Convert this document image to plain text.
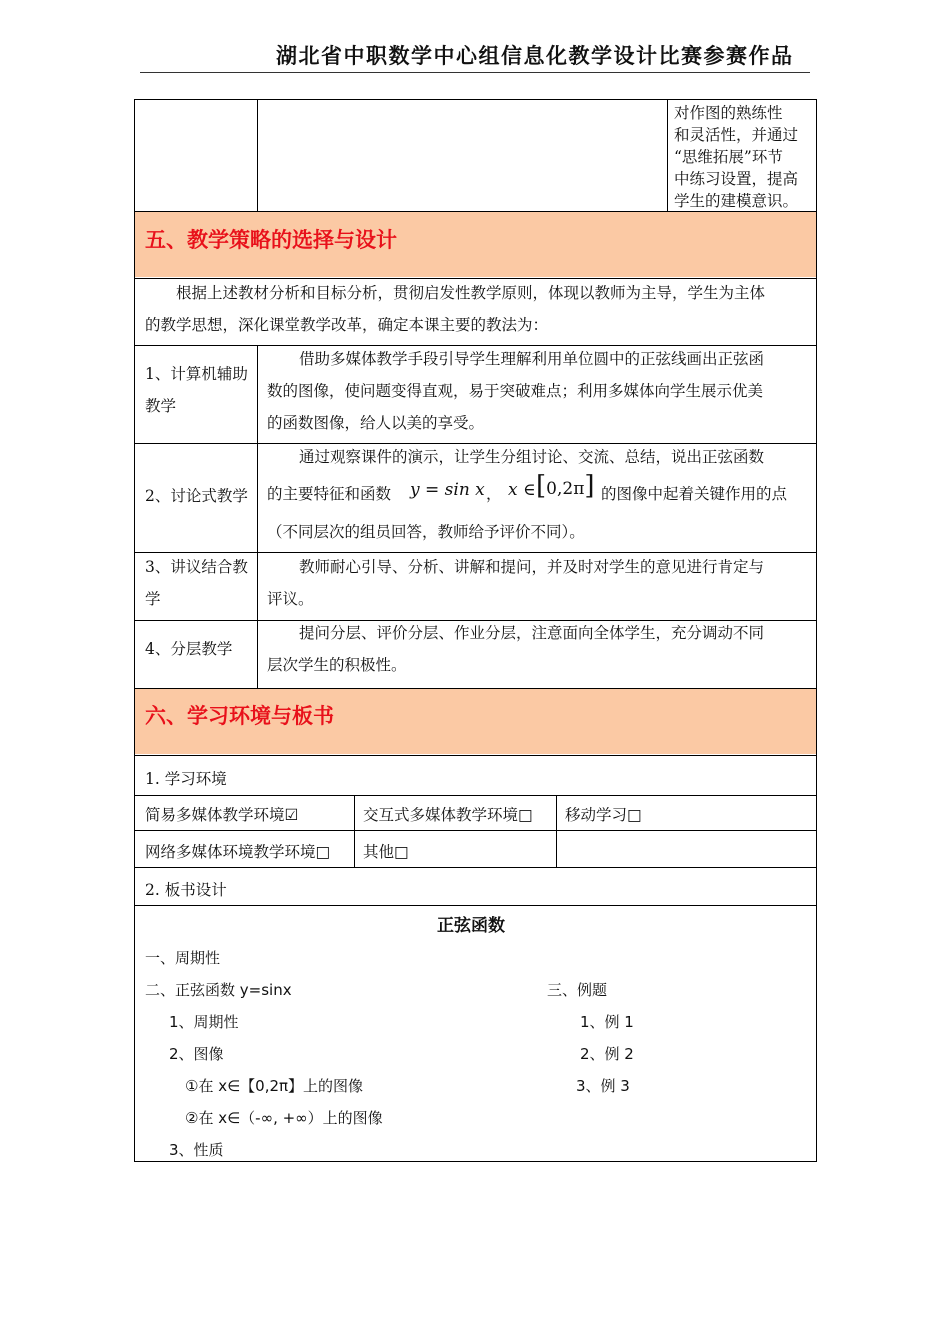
湖北省中职数学中心组信息化教学设计比赛参赛作品
对作图的熟练性
和灵活性，并通过
“思维拓展”环节
中练习设置，提高
学生的建模意识。
五、教学策略的选择与设计
根据上述教材分析和目标分析，贯彻启发性教学原则，体现以教师为主导，学生为主体
的教学思想，深化课堂教学改革，确定本课主要的教法为：
1、计算机辅助
教学
借助多媒体教学手段引导学生理解利用单位圆中的正弦线画出正弦函
数的图像，使问题变得直观，易于突破难点；利用多媒体向学生展示优美
的函数图像，给人以美的享受。
2、讨论式教学
通过观察课件的演示，让学生分组讨论、交流、总结，说出正弦函数
的主要特征和函数 y = sin x ， x ∈ [0,2π] 的图像中起着关键作用的点
（不同层次的组员回答，教师给予评价不同）。
3、讲议结合教
学
教师耐心引导、分析、讲解和提问，并及时对学生的意见进行肯定与
评议。
4、分层教学
提问分层、评价分层、作业分层，注意面向全体学生，充分调动不同
层次学生的积极性。
六、学习环境与板书
1. 学习环境
简易多媒体教学环境☑	交互式多媒体教学环境□ 移动学习□
网络多媒体环境教学环境□ 其他□
2. 板书设计
正弦函数
一、周期性
二、正弦函数 y=sinx
1、周期性
2、图像
①在 x∈【0,2π】上的图像
②在 x∈（-∞, +∞）上的图像
3、性质
三、例题
1、例 1
2、例 2
3、例 3
